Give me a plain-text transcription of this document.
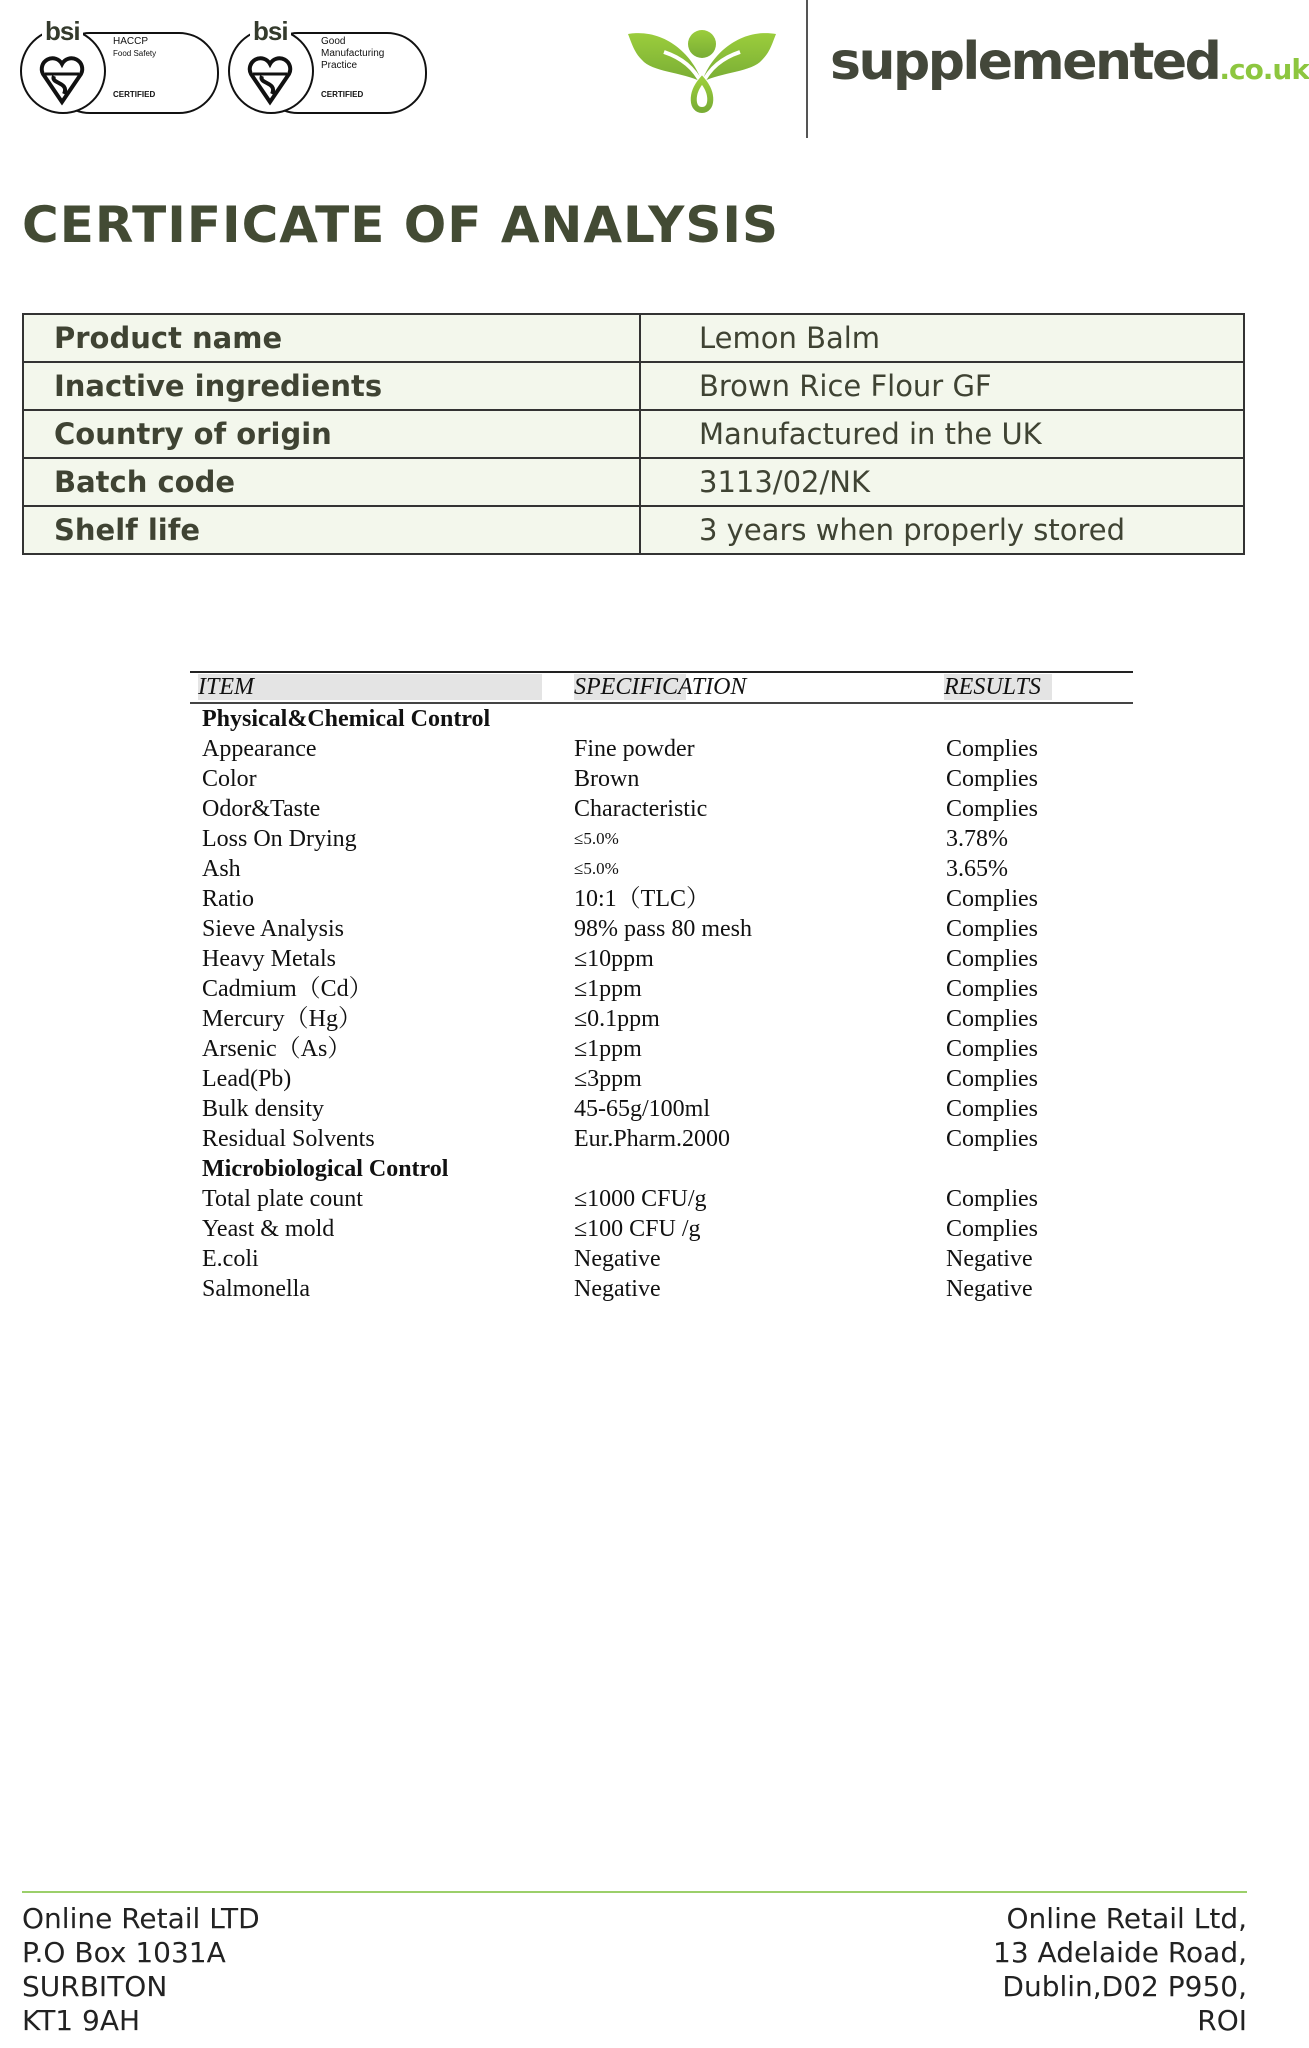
bsi	HACCP
Food Safety
CERTIFIED
bsi	Good
Manufacturing
Practice
CERTIFIED
supplemented.co.uk
CERTIFICATE OF ANALYSIS
Product name	Lemon Balm
Inactive ingredients	Brown Rice Flour GF
Country of origin	Manufactured in the UK
Batch code	3113/02/NK
Shelf life	3 years when properly stored
ITEM	SPECIFICATION	RESULTS
Physical&Chemical Control
Appearance	Fine powder	Complies
Color	Brown	Complies
Odor&Taste	Characteristic	Complies
Loss On Drying	≤5.0%	3.78%
Ash	≤5.0%	3.65%
Ratio	10:1（TLC）	Complies
Sieve Analysis	98% pass 80 mesh	Complies
Heavy Metals	≤10ppm	Complies
Cadmium（Cd）	≤1ppm	Complies
Mercury（Hg）	≤0.1ppm	Complies
Arsenic（As）	≤1ppm	Complies
Lead(Pb)	≤3ppm	Complies
Bulk density	45-65g/100ml	Complies
Residual Solvents	Eur.Pharm.2000	Complies
Microbiological Control
Total plate count	≤1000 CFU/g	Complies
Yeast & mold	≤100 CFU /g	Complies
E.coli	Negative	Negative
Salmonella	Negative	Negative
Online Retail LTD
P.O Box 1031A
SURBITON
KT1 9AH
Online Retail Ltd,
13 Adelaide Road,
Dublin,D02 P950,
ROI
